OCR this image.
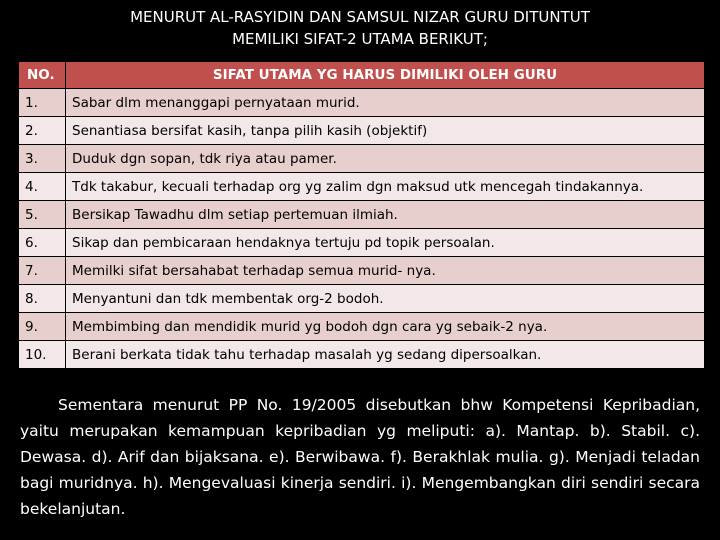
MENURUT AL-RASYIDIN DAN SAMSUL NIZAR GURU DITUNTUT
MEMILIKI SIFAT-2 UTAMA BERIKUT;
NO.	SIFAT UTAMA YG HARUS DIMILIKI OLEH GURU
1.	Sabar dlm menanggapi pernyataan murid.
2.	Senantiasa bersifat kasih, tanpa pilih kasih (objektif)
3.	Duduk dgn sopan, tdk riya atau pamer.
4.	Tdk takabur, kecuali terhadap org yg zalim dgn maksud utk mencegah tindakannya.
5.	Bersikap Tawadhu dlm setiap pertemuan ilmiah.
6.	Sikap dan pembicaraan hendaknya tertuju pd topik persoalan.
7.	Memilki sifat bersahabat terhadap semua murid- nya.
8.	Menyantuni dan tdk membentak org-2 bodoh.
9.	Membimbing dan mendidik murid yg bodoh dgn cara yg sebaik-2 nya.
10.	Berani berkata tidak tahu terhadap masalah yg sedang dipersoalkan.
Sementara menurut PP No. 19/2005 disebutkan bhw Kompetensi Kepribadian, yaitu merupakan kemampuan kepribadian yg meliputi: a). Mantap. b). Stabil. c). Dewasa. d). Arif dan bijaksana. e). Berwibawa. f). Berakhlak mulia. g). Menjadi teladan bagi muridnya. h). Mengevaluasi kinerja sendiri. i). Mengembangkan diri sendiri secara bekelanjutan.
